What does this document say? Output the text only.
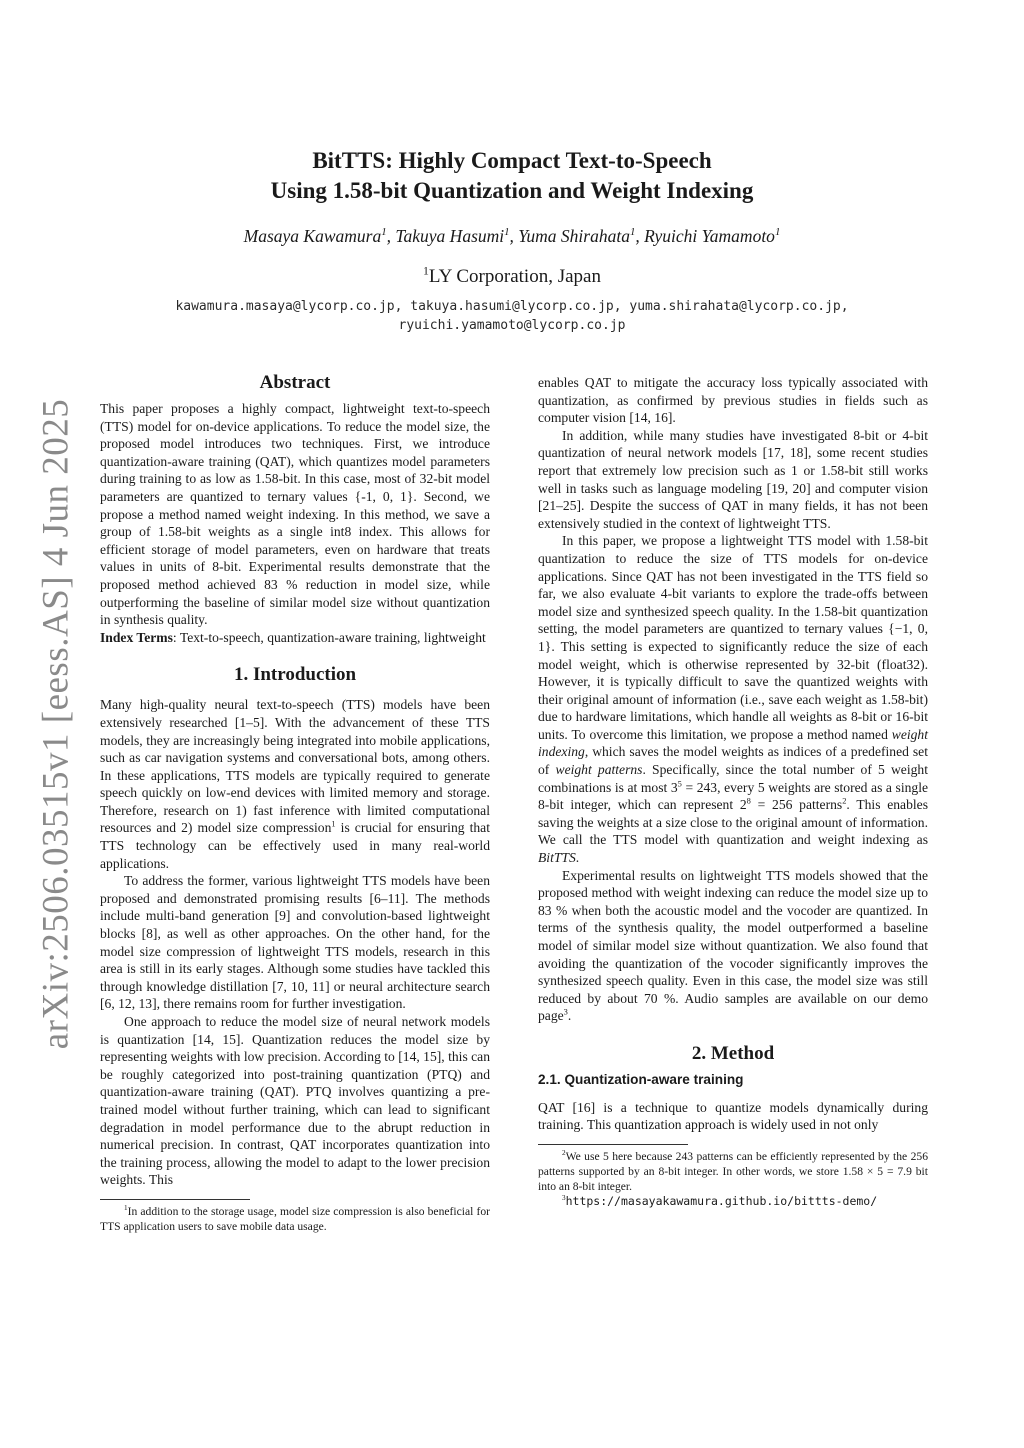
arXiv:2506.03515v1 [eess.AS] 4 Jun 2025
BitTTS: Highly Compact Text-to-Speech
Using 1.58-bit Quantization and Weight Indexing
Masaya Kawamura$^1$, Takuya Hasumi$^1$, Yuma Shirahata$^1$, Ryuichi Yamamoto$^1$
$^1$LY Corporation, Japan
kawamura.masaya@lycorp.co.jp, takuya.hasumi@lycorp.co.jp, yuma.shirahata@lycorp.co.jp,
ryuichi.yamamoto@lycorp.co.jp
Abstract

This paper proposes a highly compact, lightweight text-to-speech (TTS) model for on-device applications. To reduce the model size, the proposed model introduces two techniques. First, we introduce quantization-aware training (QAT), which quantizes model parameters during training to as low as 1.58-bit. In this case, most of 32-bit model parameters are quantized to ternary values {-1, 0, 1}. Second, we propose a method named weight indexing. In this method, we save a group of 1.58-bit weights as a single int8 index. This allows for efficient storage of model parameters, even on hardware that treats values in units of 8-bit. Experimental results demonstrate that the proposed method achieved 83 % reduction in model size, while outperforming the baseline of similar model size without quantization in synthesis quality.

Index Terms: Text-to-speech, quantization-aware training, lightweight

1. Introduction

Many high-quality neural text-to-speech (TTS) models have been extensively researched [1–5]. With the advancement of these TTS models, they are increasingly being integrated into mobile applications, such as car navigation systems and conversational bots, among others. In these applications, TTS models are typically required to generate speech quickly on low-end devices with limited memory and storage. Therefore, research on 1) fast inference with limited computational resources and 2) model size compression$^1$ is crucial for ensuring that TTS technology can be effectively used in many real-world applications.

To address the former, various lightweight TTS models have been proposed and demonstrated promising results [6–11]. The methods include multi-band generation [9] and convolution-based lightweight blocks [8], as well as other approaches. On the other hand, for the model size compression of lightweight TTS models, research in this area is still in its early stages. Although some studies have tackled this through knowledge distillation [7, 10, 11] or neural architecture search [6, 12, 13], there remains room for further investigation.

One approach to reduce the model size of neural network models is quantization [14, 15]. Quantization reduces the model size by representing weights with low precision. According to [14, 15], this can be roughly categorized into post-training quantization (PTQ) and quantization-aware training (QAT). PTQ involves quantizing a pre-trained model without further training, which can lead to significant degradation in model performance due to the abrupt reduction in numerical precision. In contrast, QAT incorporates quantization into the training process, allowing the model to adapt to the lower precision weights. This

$^1$In addition to the storage usage, model size compression is also beneficial for TTS application users to save mobile data usage.

enables QAT to mitigate the accuracy loss typically associated with quantization, as confirmed by previous studies in fields such as computer vision [14, 16].

In addition, while many studies have investigated 8-bit or 4-bit quantization of neural network models [17, 18], some recent studies report that extremely low precision such as 1 or 1.58-bit still works well in tasks such as language modeling [19, 20] and computer vision [21–25]. Despite the success of QAT in many fields, it has not been extensively studied in the context of lightweight TTS.

In this paper, we propose a lightweight TTS model with 1.58-bit quantization to reduce the size of TTS models for on-device applications. Since QAT has not been investigated in the TTS field so far, we also evaluate 4-bit variants to explore the trade-offs between model size and synthesized speech quality. In the 1.58-bit quantization setting, the model parameters are quantized to ternary values {−1, 0, 1}. This setting is expected to significantly reduce the size of each model weight, which is otherwise represented by 32-bit (float32). However, it is typically difficult to save the quantized weights with their original amount of information (i.e., save each weight as 1.58-bit) due to hardware limitations, which handle all weights as 8-bit or 16-bit units. To overcome this limitation, we propose a method named weight indexing, which saves the model weights as indices of a predefined set of weight patterns. Specifically, since the total number of 5 weight combinations is at most $3^5 = 243$, every 5 weights are stored as a single 8-bit integer, which can represent $2^8 = 256$ patterns$^2$. This enables saving the weights at a size close to the original amount of information. We call the TTS model with quantization and weight indexing as BitTTS.

Experimental results on lightweight TTS models showed that the proposed method with weight indexing can reduce the model size up to 83 % when both the acoustic model and the vocoder are quantized. In terms of the synthesis quality, the model outperformed a baseline model of similar model size without quantization. We also found that avoiding the quantization of the vocoder significantly improves the synthesized speech quality. Even in this case, the model size was still reduced by about 70 %. Audio samples are available on our demo page$^3$.

2. Method
2.1. Quantization-aware training

QAT [16] is a technique to quantize models dynamically during training. This quantization approach is widely used in not only

$^2$We use 5 here because 243 patterns can be efficiently represented by the 256 patterns supported by an 8-bit integer. In other words, we store 1.58 × 5 = 7.9 bit into an 8-bit integer.

$^3$https://masayakawamura.github.io/bittts-demo/
